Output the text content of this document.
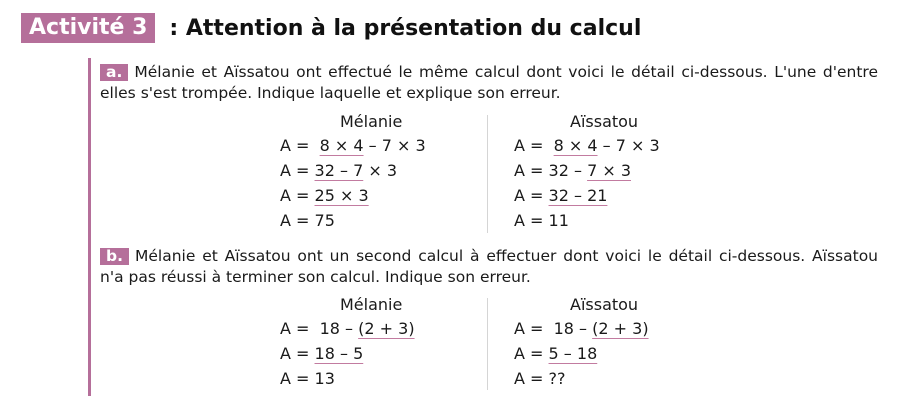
Activité 3	: Attention à la présentation du calcul
a. Mélanie et Aïssatou ont effectué le même calcul dont voici le détail ci-dessous. L'une d'entre elles s'est trompée. Indique laquelle et explique son erreur.
Mélanie
A =  8 × 4 – 7 × 3
A = 32 – 7 × 3
A = 25 × 3
A = 75
Aïssatou
A =  8 × 4 – 7 × 3
A = 32 – 7 × 3
A = 32 – 21
A = 11
b. Mélanie et Aïssatou ont un second calcul à effectuer dont voici le détail ci-dessous. Aïssatou n'a pas réussi à terminer son calcul. Indique son erreur.
Mélanie
A =  18 – (2 + 3)
A = 18 – 5
A = 13
Aïssatou
A =  18 – (2 + 3)
A = 5 – 18
A = ??
